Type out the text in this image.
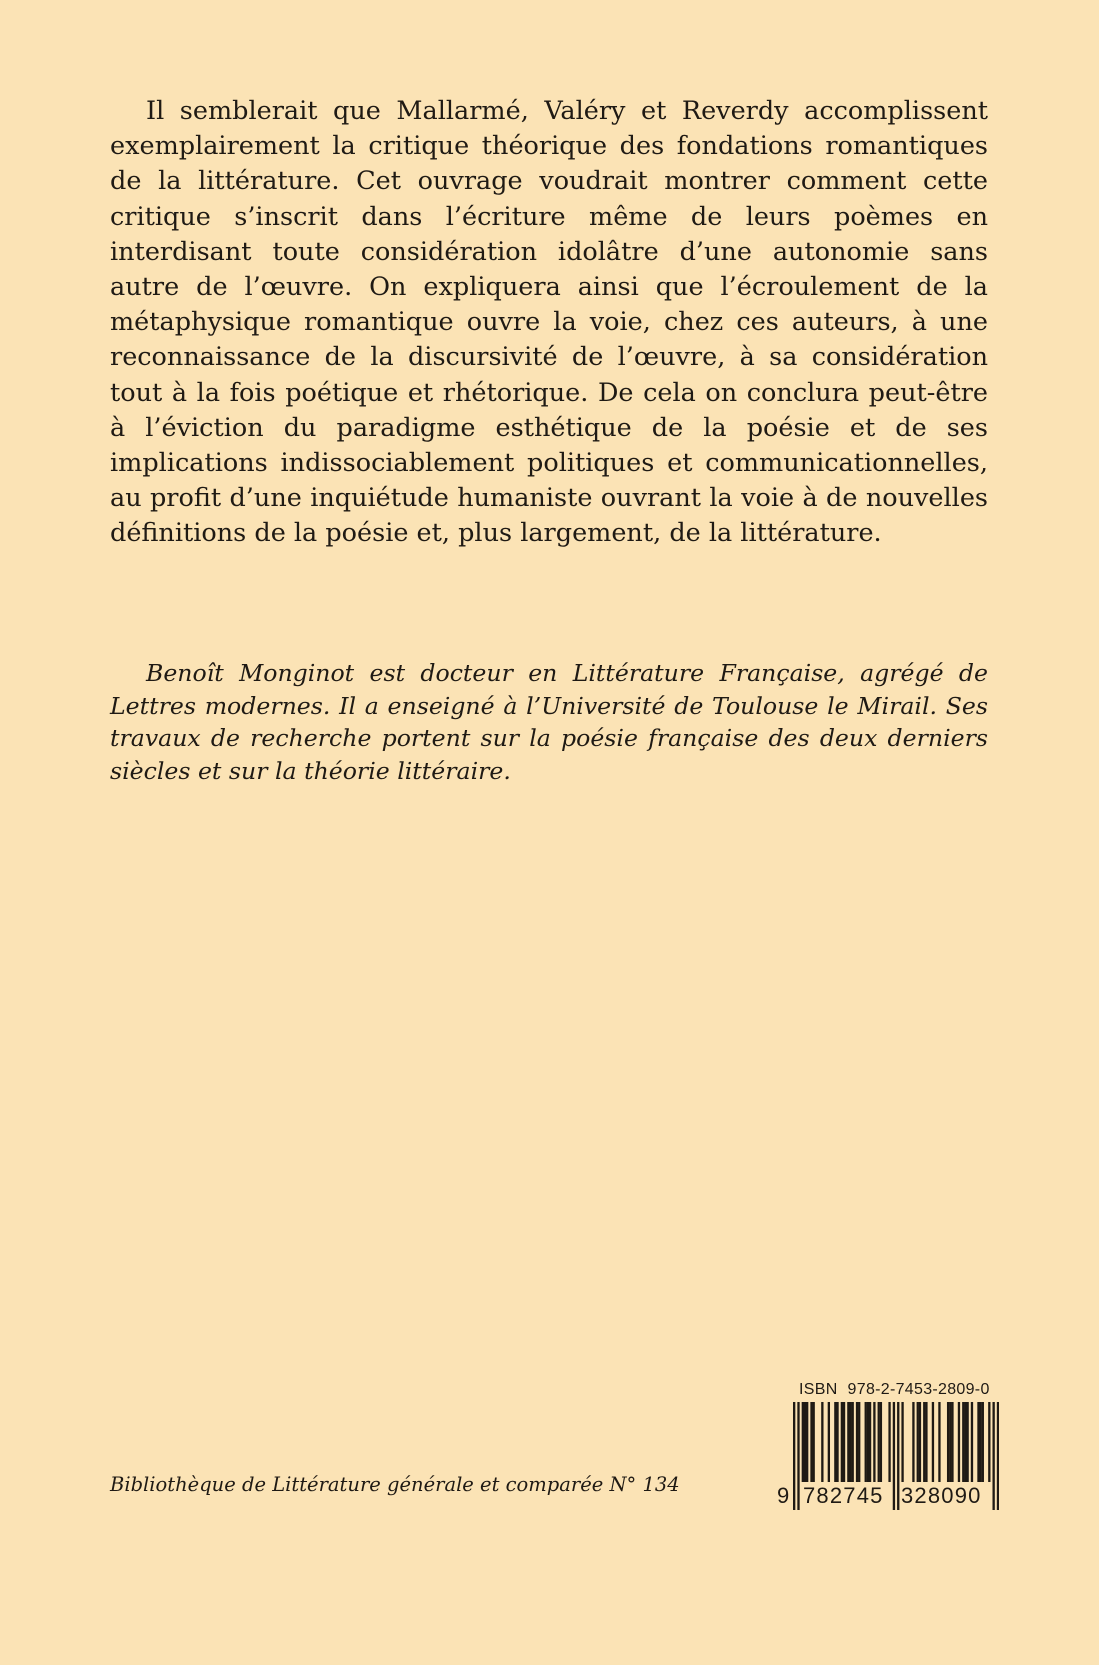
Il semblerait que Mallarmé, Valéry et Reverdy accomplissent exemplairement la critique théorique des fondations romantiques de la littérature. Cet ouvrage voudrait montrer comment cette critique s’inscrit dans l’écriture même de leurs poèmes en interdisant toute considération idolâtre d’une autonomie sans autre de l’œuvre. On expliquera ainsi que l’écroulement de la métaphysique romantique ouvre la voie, chez ces auteurs, à une reconnaissance de la discursivité de l’œuvre, à sa considération tout à la fois poétique et rhétorique. De cela on conclura peut-être à l’éviction du paradigme esthétique de la poésie et de ses implications indissociablement politiques et communicationnelles, au profit d’une inquiétude humaniste ouvrant la voie à de nouvelles définitions de la poésie et, plus largement, de la littérature.

Benoît Monginot est docteur en Littérature Française, agrégé de Lettres modernes. Il a enseigné à l’Université de Toulouse le Mirail. Ses travaux de recherche portent sur la poésie française des deux derniers siècles et sur la théorie littéraire.

Bibliothèque de Littérature générale et comparée N° 134

ISBN 978-2-7453-2809-0
9 782745 328090
